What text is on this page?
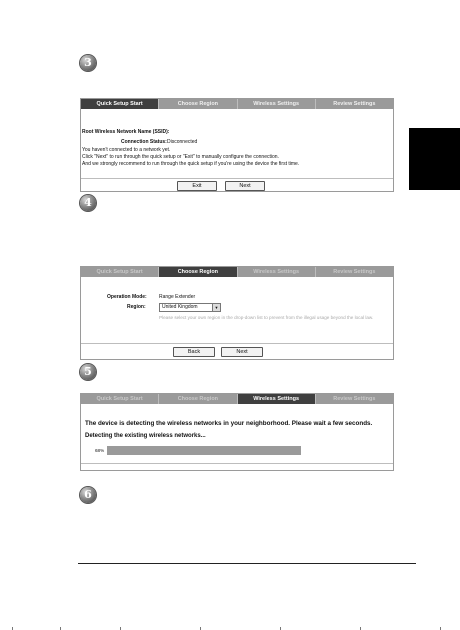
3
Quick Setup Start	Choose Region	Wireless Settings	Review Settings
Root Wireless Network Name (SSID):
Connection Status: Disconnected
You haven't connected to a network yet.
Click "Next" to run through the quick setup or "Exit" to manually configure the connection.
And we strongly recommend to run through the quick setup if you're using the device the first time.
Exit	Next
4
Quick Setup Start	Choose Region	Wireless Settings	Review Settings
Operation Mode: Range Extender
Region:	United Kingdom	▼
Please select your own region in the drop-down list to prevent from the illegal usage beyond the local law.
Back	Next
5
Quick Setup Start	Choose Region	Wireless Settings	Review Settings
The device is detecting the wireless networks in your neighborhood. Please wait a few seconds.
Detecting the existing wireless networks...
68%
6
